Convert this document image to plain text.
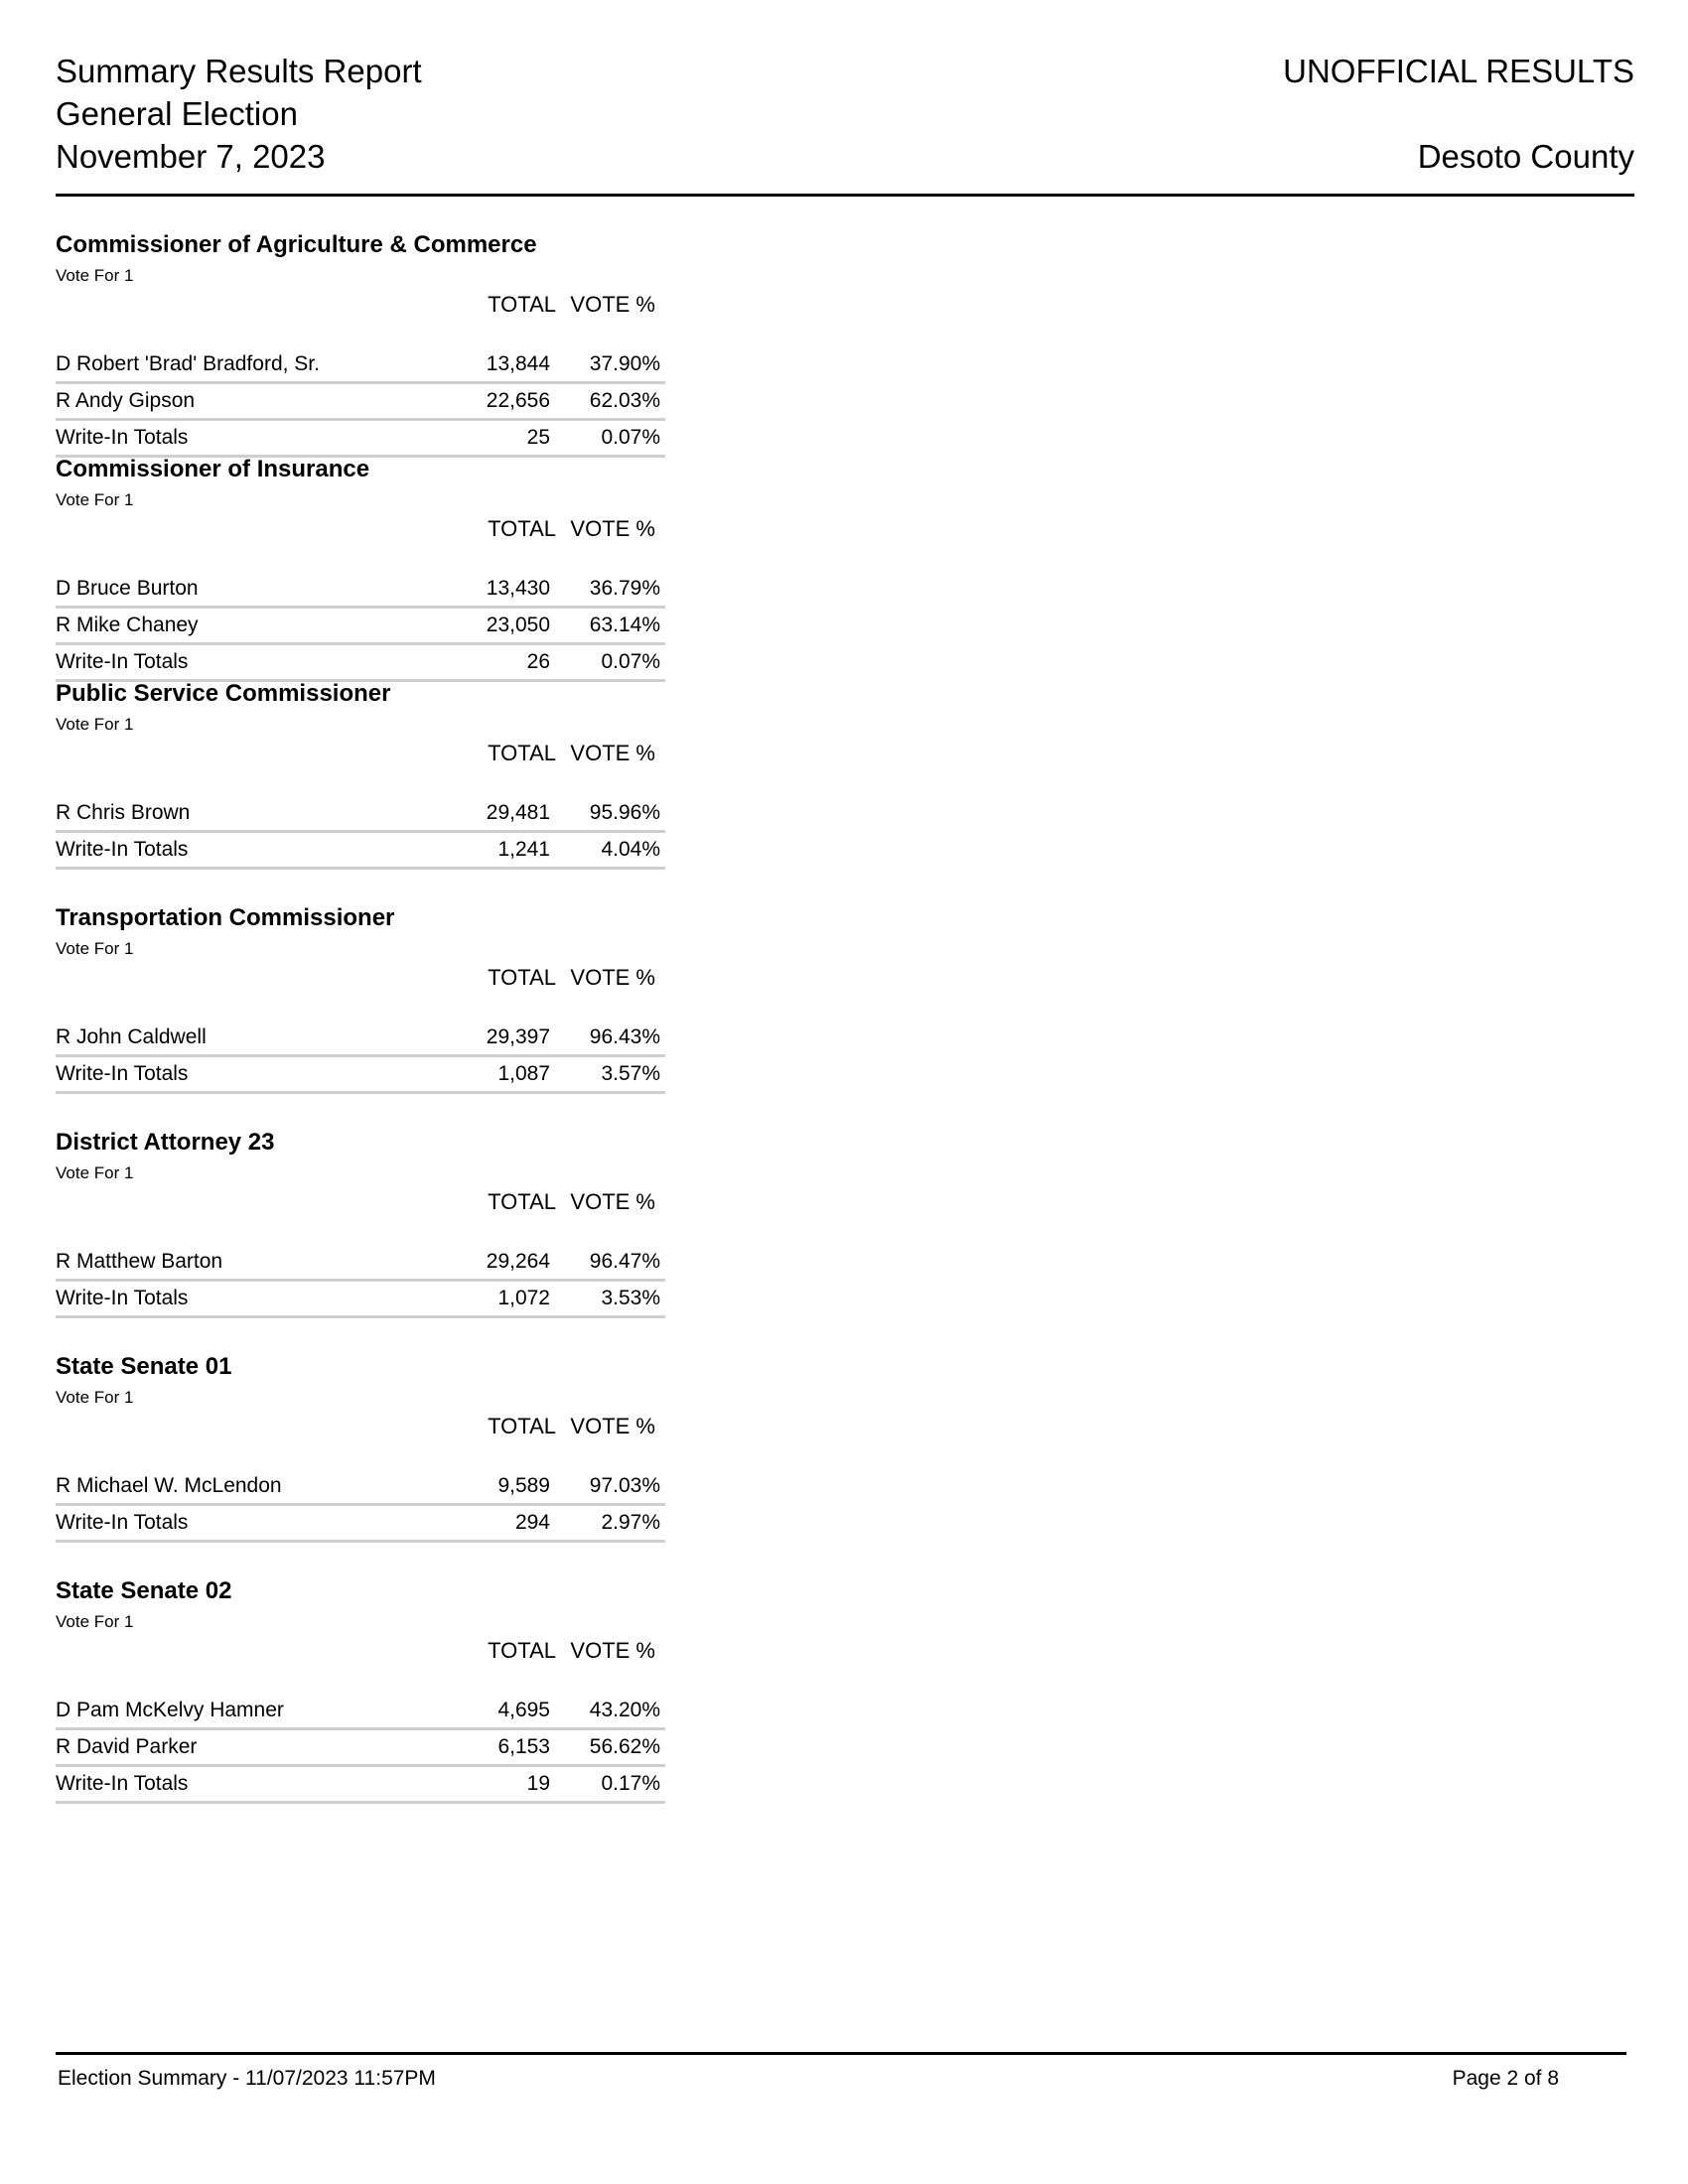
Summary Results Report
General Election
November 7, 2023
UNOFFICIAL RESULTS
Desoto County
Commissioner of Agriculture & Commerce
Vote For 1
TOTAL VOTE %
D Robert 'Brad' Bradford, Sr.	13,844 37.90%
R Andy Gipson	22,656 62.03%
Write-In Totals	25 0.07%
Commissioner of Insurance
Vote For 1
TOTAL VOTE %
D Bruce Burton	13,430 36.79%
R Mike Chaney	23,050 63.14%
Write-In Totals	26 0.07%
Public Service Commissioner
Vote For 1
TOTAL VOTE %
R Chris Brown	29,481 95.96%
Write-In Totals	1,241 4.04%
Transportation Commissioner
Vote For 1
TOTAL VOTE %
R John Caldwell	29,397 96.43%
Write-In Totals	1,087 3.57%
District Attorney 23
Vote For 1
TOTAL VOTE %
R Matthew Barton	29,264 96.47%
Write-In Totals	1,072 3.53%
State Senate 01
Vote For 1
TOTAL VOTE %
R Michael W. McLendon	9,589 97.03%
Write-In Totals	294 2.97%
State Senate 02
Vote For 1
TOTAL VOTE %
D Pam McKelvy Hamner	4,695 43.20%
R David Parker	6,153 56.62%
Write-In Totals	19 0.17%
Election Summary - 11/07/2023 11:57PM	Page 2 of 8
